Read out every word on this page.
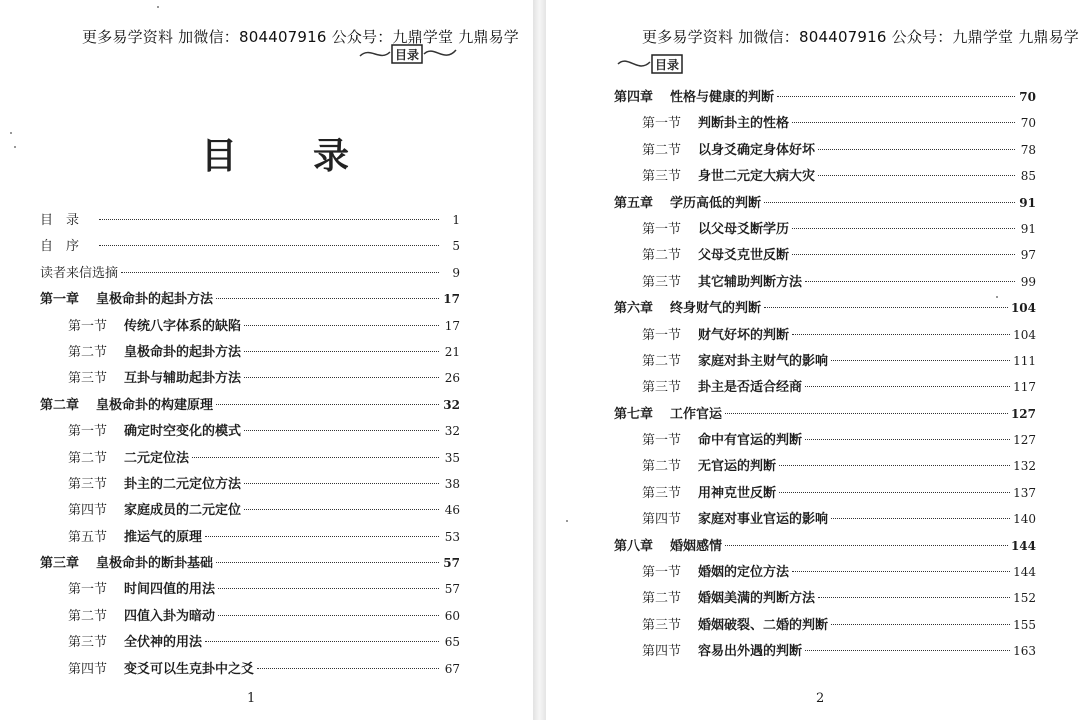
更多易学资料 加微信：804407916 公众号：九鼎学堂 九鼎易学
目录
目　录
目　录	1
自　序	5
读者来信选摘	9
第一章	皇极命卦的起卦方法	17
第一节	传统八字体系的缺陷	17
第二节	皇极命卦的起卦方法	21
第三节	互卦与辅助起卦方法	26
第二章	皇极命卦的构建原理	32
第一节	确定时空变化的模式	32
第二节	二元定位法	35
第三节	卦主的二元定位方法	38
第四节	家庭成员的二元定位	46
第五节	推运气的原理	53
第三章	皇极命卦的断卦基础	57
第一节	时间四值的用法	57
第二节	四值入卦为暗动	60
第三节	全伏神的用法	65
第四节	变爻可以生克卦中之爻	67
1
更多易学资料 加微信：804407916 公众号：九鼎学堂 九鼎易学
目录
第四章	性格与健康的判断	70
第一节	判断卦主的性格	70
第二节	以身爻确定身体好坏	78
第三节	身世二元定大病大灾	85
第五章	学历高低的判断	91
第一节	以父母爻断学历	91
第二节	父母爻克世反断	97
第三节	其它辅助判断方法	99
第六章	终身财气的判断	104
第一节	财气好坏的判断	104
第二节	家庭对卦主财气的影响	111
第三节	卦主是否适合经商	117
第七章	工作官运	127
第一节	命中有官运的判断	127
第二节	无官运的判断	132
第三节	用神克世反断	137
第四节	家庭对事业官运的影响	140
第八章	婚姻感情	144
第一节	婚姻的定位方法	144
第二节	婚姻美满的判断方法	152
第三节	婚姻破裂、二婚的判断	155
第四节	容易出外遇的判断	163
2
